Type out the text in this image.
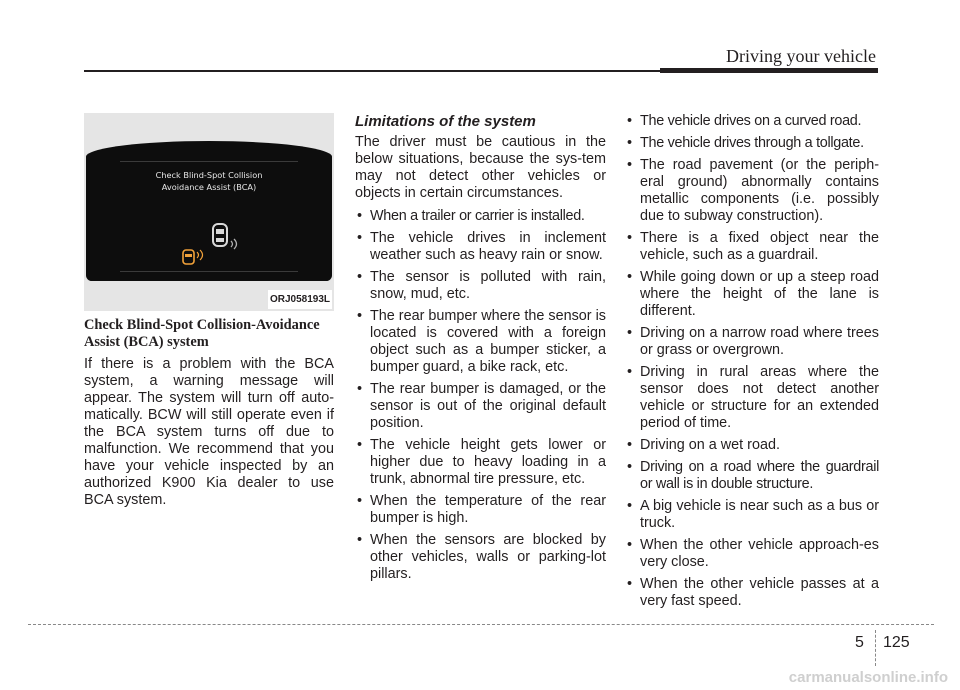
Driving your vehicle
Check Blind-Spot Collision
Avoidance Assist (BCA)
ORJ058193L
Check Blind-Spot Collision-Avoidance Assist (BCA) system

If there is a problem with the BCA system, a warning message will appear. The system will turn off auto-matically. BCW will still operate even if the BCA system turns off due to malfunction. We recommend that you have your vehicle inspected by an authorized K900 Kia dealer to use BCA system.

Limitations of the system

The driver must be cautious in the below situations, because the sys-tem may not detect other vehicles or objects in certain circumstances.

• When a trailer or carrier is installed.
• The vehicle drives in inclement weather such as heavy rain or snow.
• The sensor is polluted with rain, snow, mud, etc.
• The rear bumper where the sensor is located is covered with a foreign object such as a bumper sticker, a bumper guard, a bike rack, etc.
• The rear bumper is damaged, or the sensor is out of the original default position.
• The vehicle height gets lower or higher due to heavy loading in a trunk, abnormal tire pressure, etc.
• When the temperature of the rear bumper is high.
• When the sensors are blocked by other vehicles, walls or parking-lot pillars.
• The vehicle drives on a curved road.
• The vehicle drives through a tollgate.
• The road pavement (or the periph-eral ground) abnormally contains metallic components (i.e. possibly due to subway construction).
• There is a fixed object near the vehicle, such as a guardrail.
• While going down or up a steep road where the height of the lane is different.
• Driving on a narrow road where trees or grass or overgrown.
• Driving in rural areas where the sensor does not detect another vehicle or structure for an extended period of time.
• Driving on a wet road.
• Driving on a road where the guardrail or wall is in double structure.
• A big vehicle is near such as a bus or truck.
• When the other vehicle approach-es very close.
• When the other vehicle passes at a very fast speed.
5 125
carmanualsonline.info
